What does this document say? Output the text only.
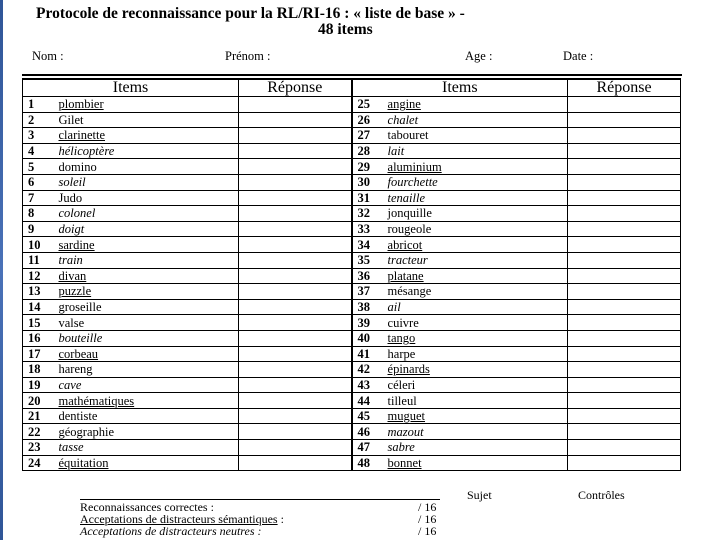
Protocole de reconnaissance pour la RL/RI-16 : « liste de base » -
48 items
Nom :	Prénom :	Age :	Date :
Items		Réponse	Items		Réponse
1	plombier		25	angine	
2	Gilet		26	chalet	
3	clarinette		27	tabouret	
4	hélicoptère		28	lait	
5	domino		29	aluminium	
6	soleil		30	fourchette	
7	Judo		31	tenaille	
8	colonel		32	jonquille	
9	doigt		33	rougeole	
10	sardine		34	abricot	
11	train		35	tracteur	
12	divan		36	platane	
13	puzzle		37	mésange	
14	groseille		38	ail	
15	valse		39	cuivre	
16	bouteille		40	tango	
17	corbeau		41	harpe	
18	hareng		42	épinards	
19	cave		43	céleri	
20	mathématiques		44	tilleul	
21	dentiste		45	muguet	
22	géographie		46	mazout	
23	tasse		47	sabre	
24	équitation		48	bonnet	
Sujet	Contrôles
Reconnaissances correctes :	/ 16
Acceptations de distracteurs sémantiques :	/ 16
Acceptations de distracteurs neutres :	/ 16
